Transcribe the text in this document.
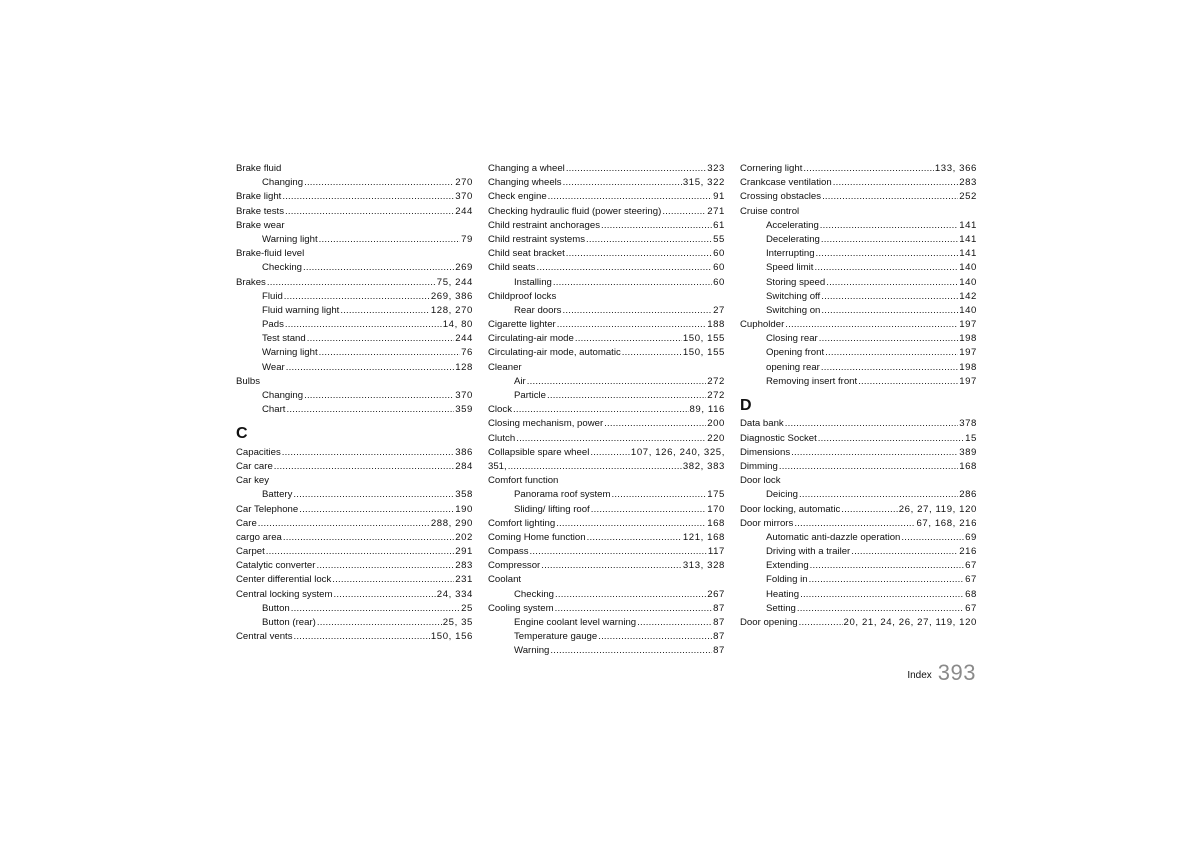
Brake fluid
Changing .....	270
Brake light .....	370
Brake tests .....	244
Brake wear
Warning light .....	79
Brake-fluid level
Checking .....	269
Brakes .....	75, 244
Fluid .....	269, 386
Fluid warning light .....	128, 270
Pads .....	14, 80
Test stand .....	244
Warning light .....	76
Wear .....	128
Bulbs
Changing .....	370
Chart .....	359
C
Capacities .....	386
Car care .....	284
Car key
Battery .....	358
Car Telephone .....	190
Care .....	288, 290
cargo area .....	202
Carpet .....	291
Catalytic converter .....	283
Center differential lock .....	231
Central locking system .....	24, 334
Button .....	25
Button (rear) .....	25, 35
Central vents .....	150, 156
Changing a wheel .....	323
Changing wheels .....	315, 322
Check engine .....	91
Checking hydraulic fluid (power steering) .....	271
Child restraint anchorages .....	61
Child restraint systems .....	55
Child seat bracket .....	60
Child seats .....	60
Installing .....	60
Childproof locks
Rear doors .....	27
Cigarette lighter .....	188
Circulating-air mode .....	150, 155
Circulating-air mode, automatic .....	150, 155
Cleaner
Air .....	272
Particle .....	272
Clock .....	89, 116
Closing mechanism, power .....	200
Clutch .....	220
Collapsible spare wheel .....	107, 126, 240, 325,
351, .....	382, 383
Comfort function
Panorama roof system .....	175
Sliding/ lifting roof .....	170
Comfort lighting .....	168
Coming Home function .....	121, 168
Compass .....	117
Compressor .....	313, 328
Coolant
Checking .....	267
Cooling system .....	87
Engine coolant level warning .....	87
Temperature gauge .....	87
Warning .....	87
Cornering light .....	133, 366
Crankcase ventilation .....	283
Crossing obstacles .....	252
Cruise control
Accelerating .....	141
Decelerating .....	141
Interrupting .....	141
Speed limit .....	140
Storing speed .....	140
Switching off .....	142
Switching on .....	140
Cupholder .....	197
Closing rear .....	198
Opening front .....	197
opening rear .....	198
Removing insert front .....	197
D
Data bank .....	378
Diagnostic Socket .....	15
Dimensions .....	389
Dimming .....	168
Door lock
Deicing .....	286
Door locking, automatic .....	26, 27, 119, 120
Door mirrors .....	67, 168, 216
Automatic anti-dazzle operation .....	69
Driving with a trailer .....	216
Extending .....	67
Folding in .....	67
Heating .....	68
Setting .....	67
Door opening .....	20, 21, 24, 26, 27, 119, 120
Index 393
